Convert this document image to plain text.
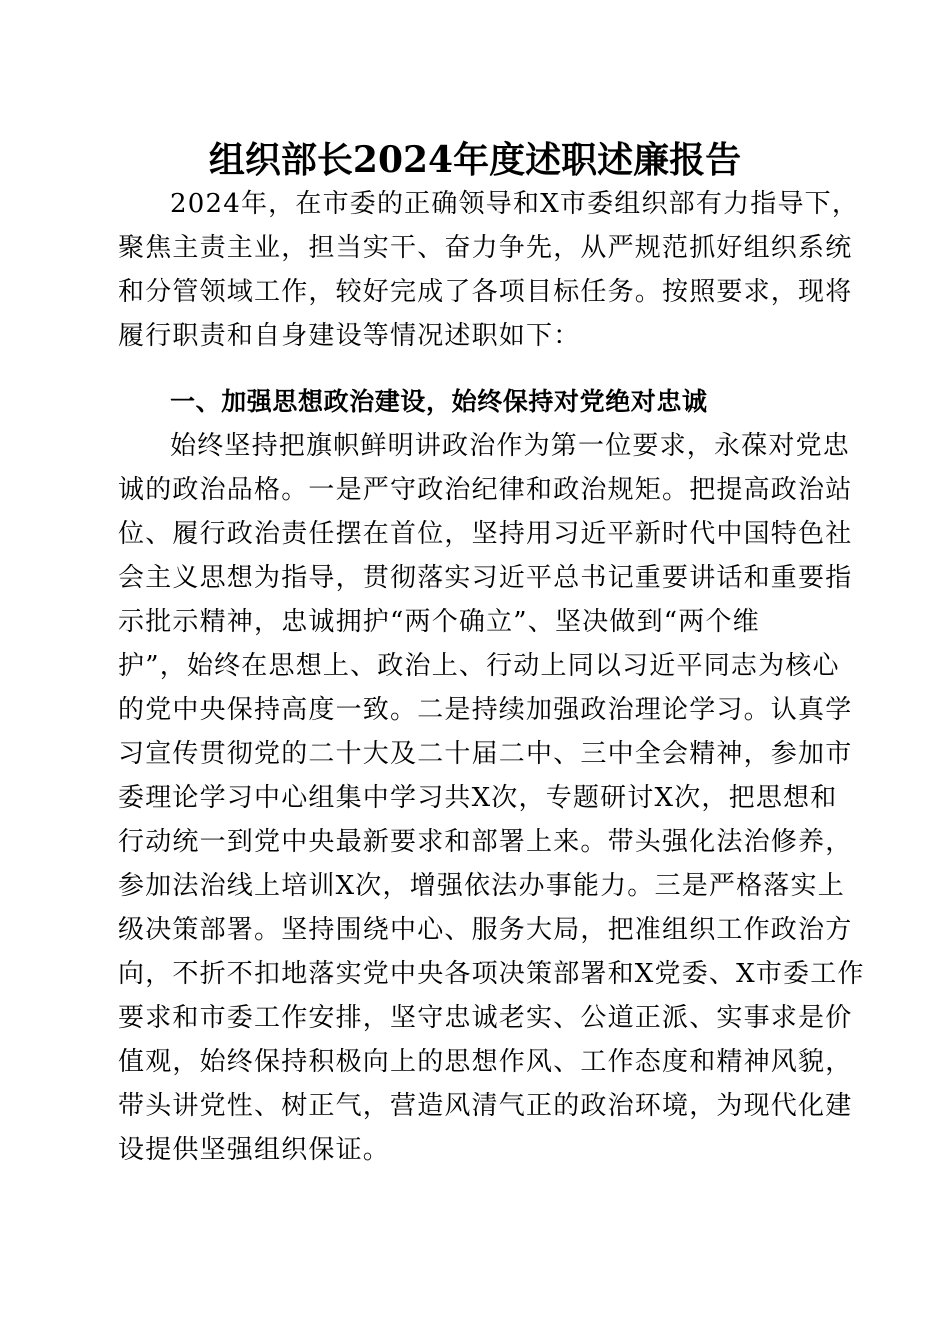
组织部长2024年度述职述廉报告

2024年，在市委的正确领导和X市委组织部有力指导下，

聚焦主责主业，担当实干、奋力争先，从严规范抓好组织系统

和分管领域工作，较好完成了各项目标任务。按照要求，现将

履行职责和自身建设等情况述职如下：

一、加强思想政治建设，始终保持对党绝对忠诚

始终坚持把旗帜鲜明讲政治作为第一位要求，永葆对党忠

诚的政治品格。一是严守政治纪律和政治规矩。把提高政治站

位、履行政治责任摆在首位，坚持用习近平新时代中国特色社

会主义思想为指导，贯彻落实习近平总书记重要讲话和重要指

示批示精神，忠诚拥护“两个确立”、坚决做到“两个维

护”，始终在思想上、政治上、行动上同以习近平同志为核心

的党中央保持高度一致。二是持续加强政治理论学习。认真学

习宣传贯彻党的二十大及二十届二中、三中全会精神，参加市

委理论学习中心组集中学习共X次，专题研讨X次，把思想和

行动统一到党中央最新要求和部署上来。带头强化法治修养，

参加法治线上培训X次，增强依法办事能力。三是严格落实上

级决策部署。坚持围绕中心、服务大局，把准组织工作政治方

向，不折不扣地落实党中央各项决策部署和X党委、X市委工作

要求和市委工作安排，坚守忠诚老实、公道正派、实事求是价

值观，始终保持积极向上的思想作风、工作态度和精神风貌，

带头讲党性、树正气，营造风清气正的政治环境，为现代化建

设提供坚强组织保证。
